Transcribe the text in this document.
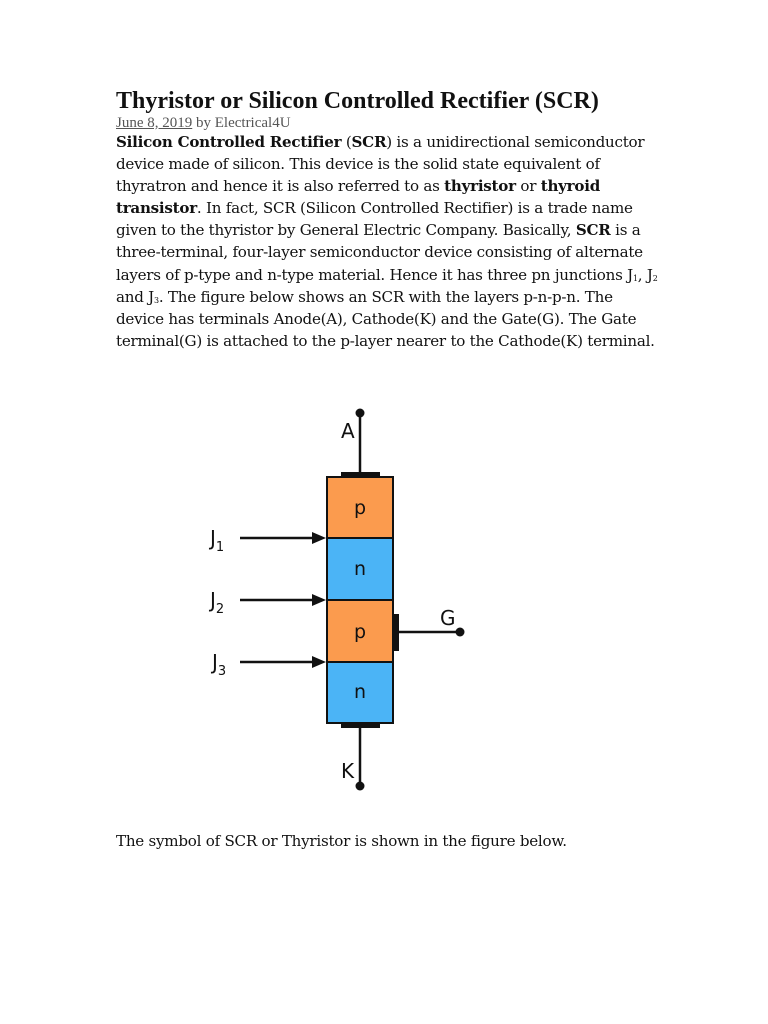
Thyristor or Silicon Controlled Rectifier (SCR)
June 8, 2019 by Electrical4U

Silicon Controlled Rectifier (SCR) is a unidirectional semiconductor device made of silicon. This device is the solid state equivalent of thyratron and hence it is also referred to as thyristor or thyroid transistor. In fact, SCR (Silicon Controlled Rectifier) is a trade name given to the thyristor by General Electric Company. Basically, SCR is a three-terminal, four-layer semiconductor device consisting of alternate layers of p-type and n-type material. Hence it has three pn junctions $J_1$, $J_2$ and $J_3$. The figure below shows an SCR with the layers p-n-p-n. The device has terminals Anode(A), Cathode(K) and the Gate(G). The Gate terminal(G) is attached to the p-layer nearer to the Cathode(K) terminal.

A
p
n
p
n
K
G
$J_1$
$J_2$
$J_3$
The symbol of SCR or Thyristor is shown in the figure below.
